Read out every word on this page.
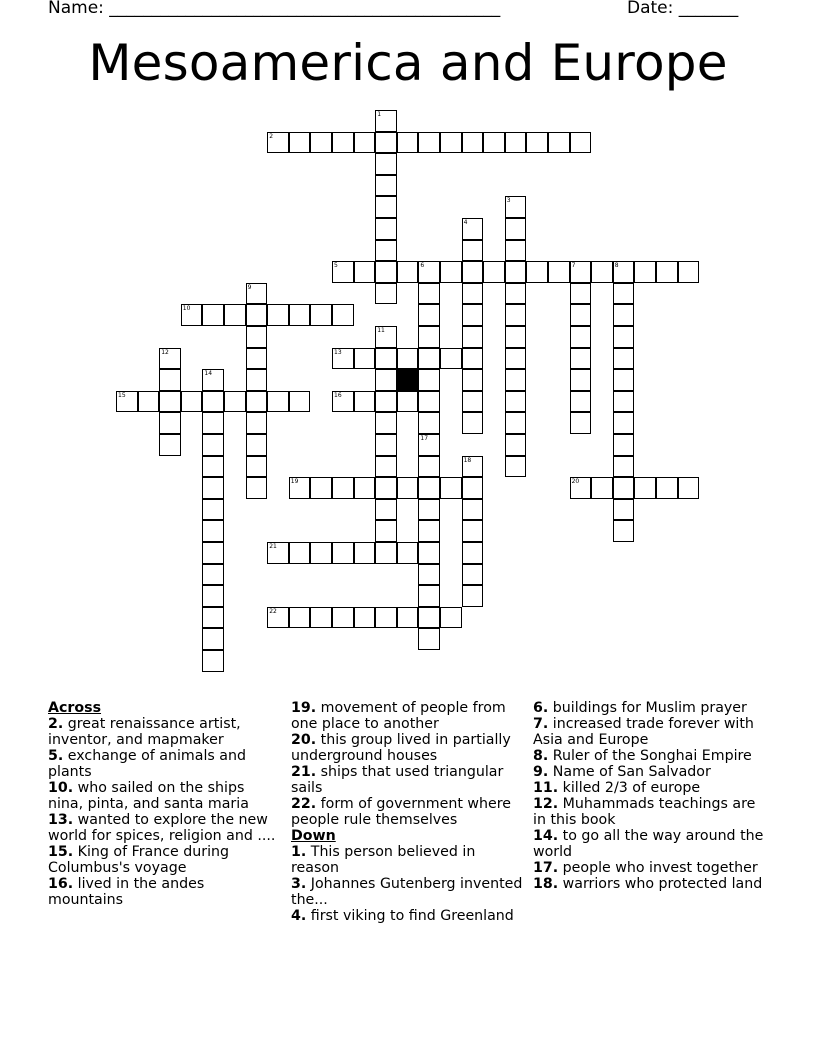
Name: ______________________________________________	Date: _______
Mesoamerica and Europe
1
2
3
4
5	6	7	8
17
9
10
11
12	13
14
15	16
18
19	20
21
22
Across

2. great renaissance artist, inventor, and mapmaker

5. exchange of animals and plants

10. who sailed on the ships nina, pinta, and santa maria

13. wanted to explore the new world for spices, religion and ....

15. King of France during Columbus's voyage

16. lived in the andes mountains

19. movement of people from one place to another

20. this group lived in partially underground houses

21. ships that used triangular sails

22. form of government where people rule themselves

Down

1. This person believed in reason

3. Johannes Gutenberg invented the...

4. first viking to find Greenland

6. buildings for Muslim prayer

7. increased trade forever with Asia and Europe

8. Ruler of the Songhai Empire

9. Name of San Salvador

11. killed 2/3 of europe

12. Muhammads teachings are in this book

14. to go all the way around the world

17. people who invest together

18. warriors who protected land
